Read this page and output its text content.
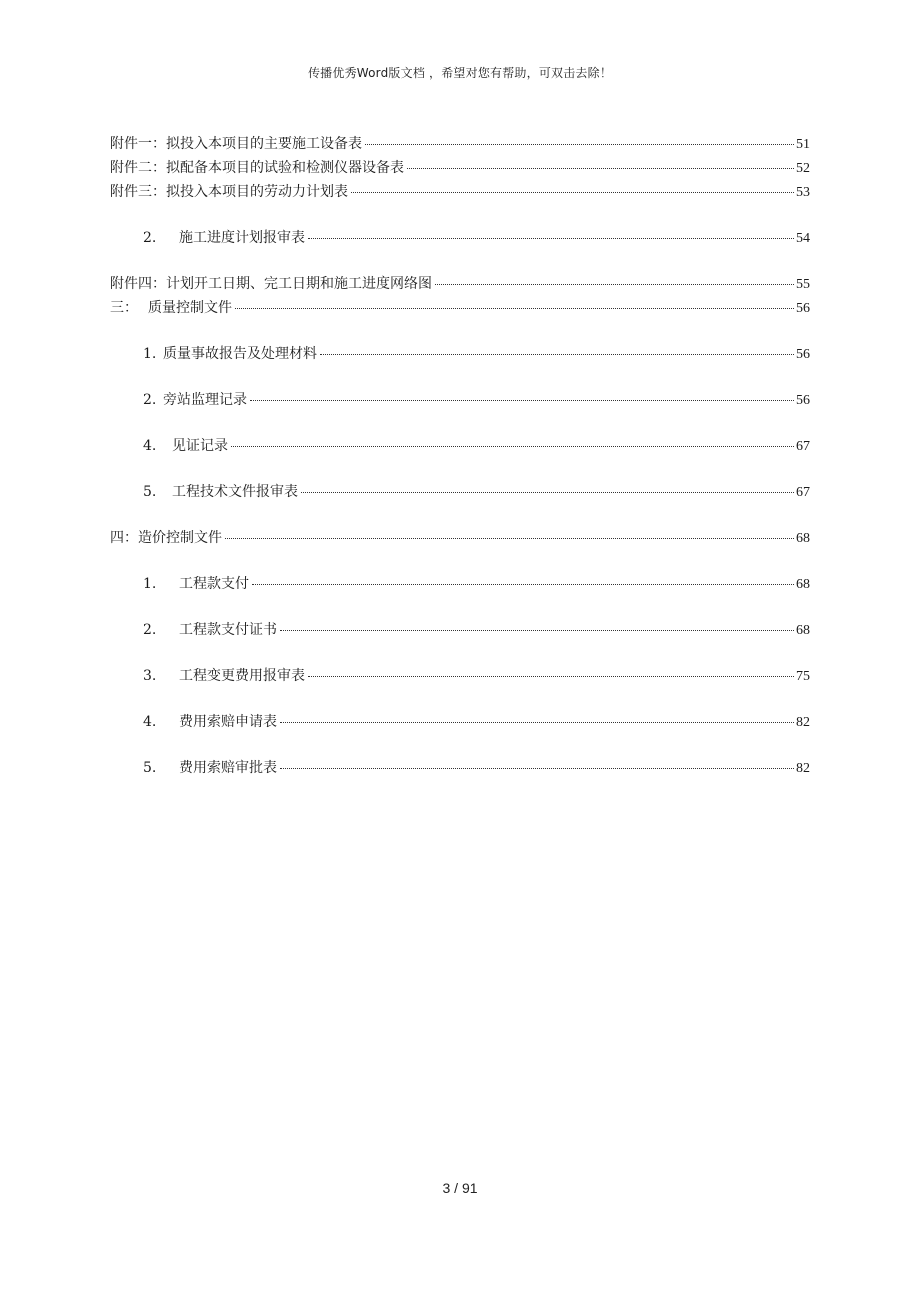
传播优秀Word版文档 ，希望对您有帮助，可双击去除！
附件一： 拟投入本项目的主要施工设备表	51
附件二： 拟配备本项目的试验和检测仪器设备表	52
附件三： 拟投入本项目的劳动力计划表	53
2.	施工进度计划报审表	54
附件四： 计划开工日期、完工日期和施工进度网络图	55
三： 质量控制文件	56
1. 质量事故报告及处理材料	56
2. 旁站监理记录	56
4.	见证记录	67
5.	工程技术文件报审表	67
四： 造价控制文件	68
1.	工程款支付	68
2.	工程款支付证书	68
3.	工程变更费用报审表	75
4.	费用索赔申请表	82
5.	费用索赔审批表	82
3 / 91
